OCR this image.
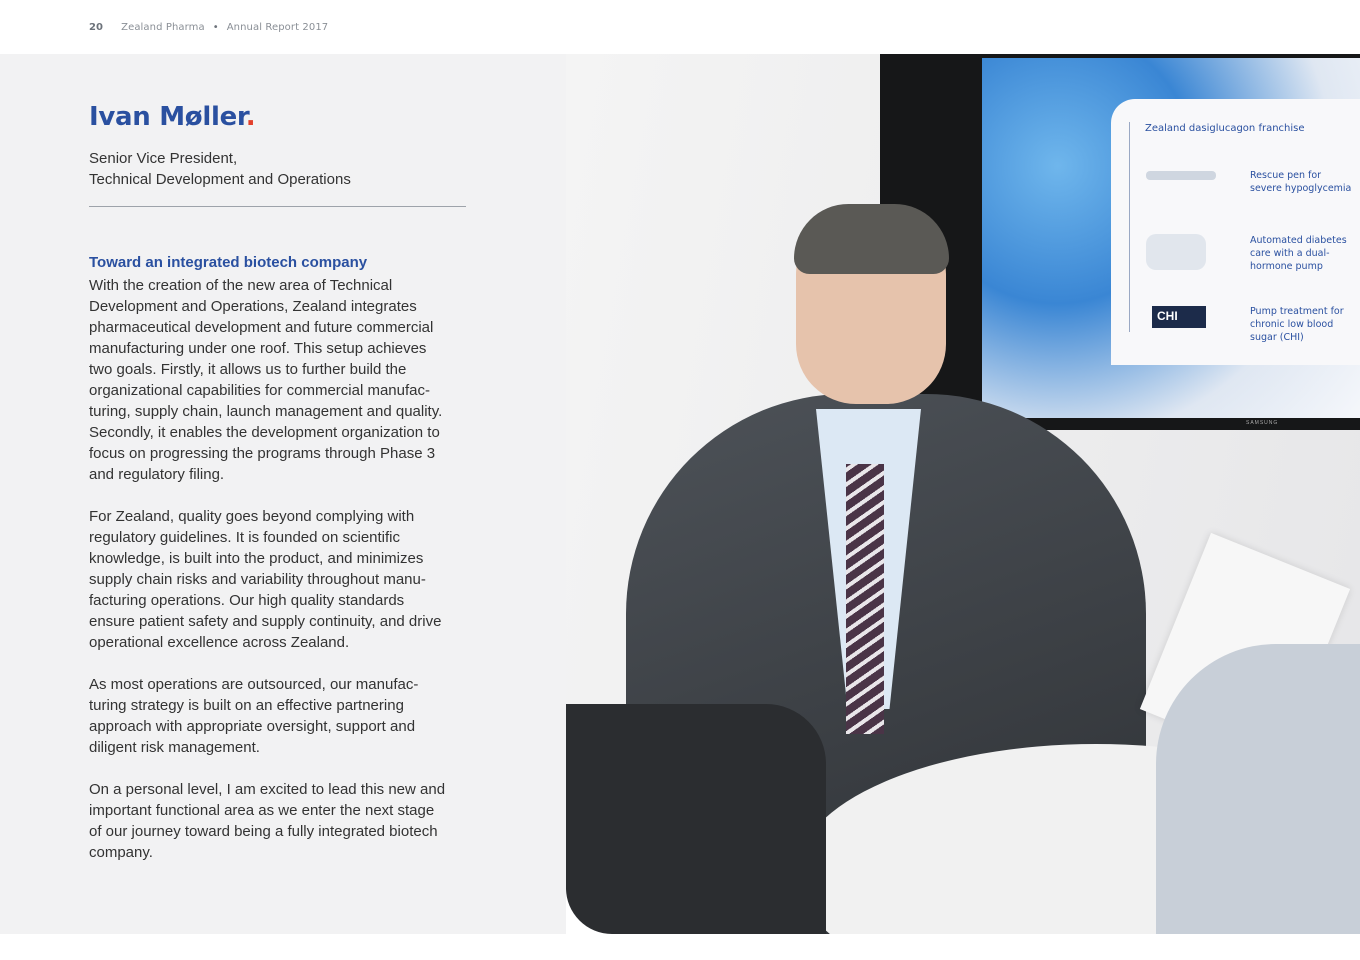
20 Zealand Pharma • Annual Report 2017
Ivan Møller.
Senior Vice President,
Technical Development and Operations
Toward an integrated biotech company
With the creation of the new area of Technical
Development and Operations, Zealand integrates
pharmaceutical development and future commercial
manufacturing under one roof. This setup achieves
two goals. Firstly, it allows us to further build the
organizational capabilities for commercial manufac-
turing, supply chain, launch management and quality.
Secondly, it enables the development organization to
focus on progressing the programs through Phase 3
and regulatory filing.
For Zealand, quality goes beyond complying with
regulatory guidelines. It is founded on scientific
knowledge, is built into the product, and minimizes
supply chain risks and variability throughout manu-
facturing operations. Our high quality standards
ensure patient safety and supply continuity, and drive
operational excellence across Zealand.
As most operations are outsourced, our manufac-
turing strategy is built on an effective partnering
approach with appropriate oversight, support and
diligent risk management.
On a personal level, I am excited to lead this new and
important functional area as we enter the next stage
of our journey toward being a fully integrated biotech
company.
CHI
SAMSUNG
Zealand dasiglucagon franchise
Rescue pen for
severe hypoglycemia
Automated diabetes
care with a dual-
hormone pump
Pump treatment for
chronic low blood
sugar (CHI)
